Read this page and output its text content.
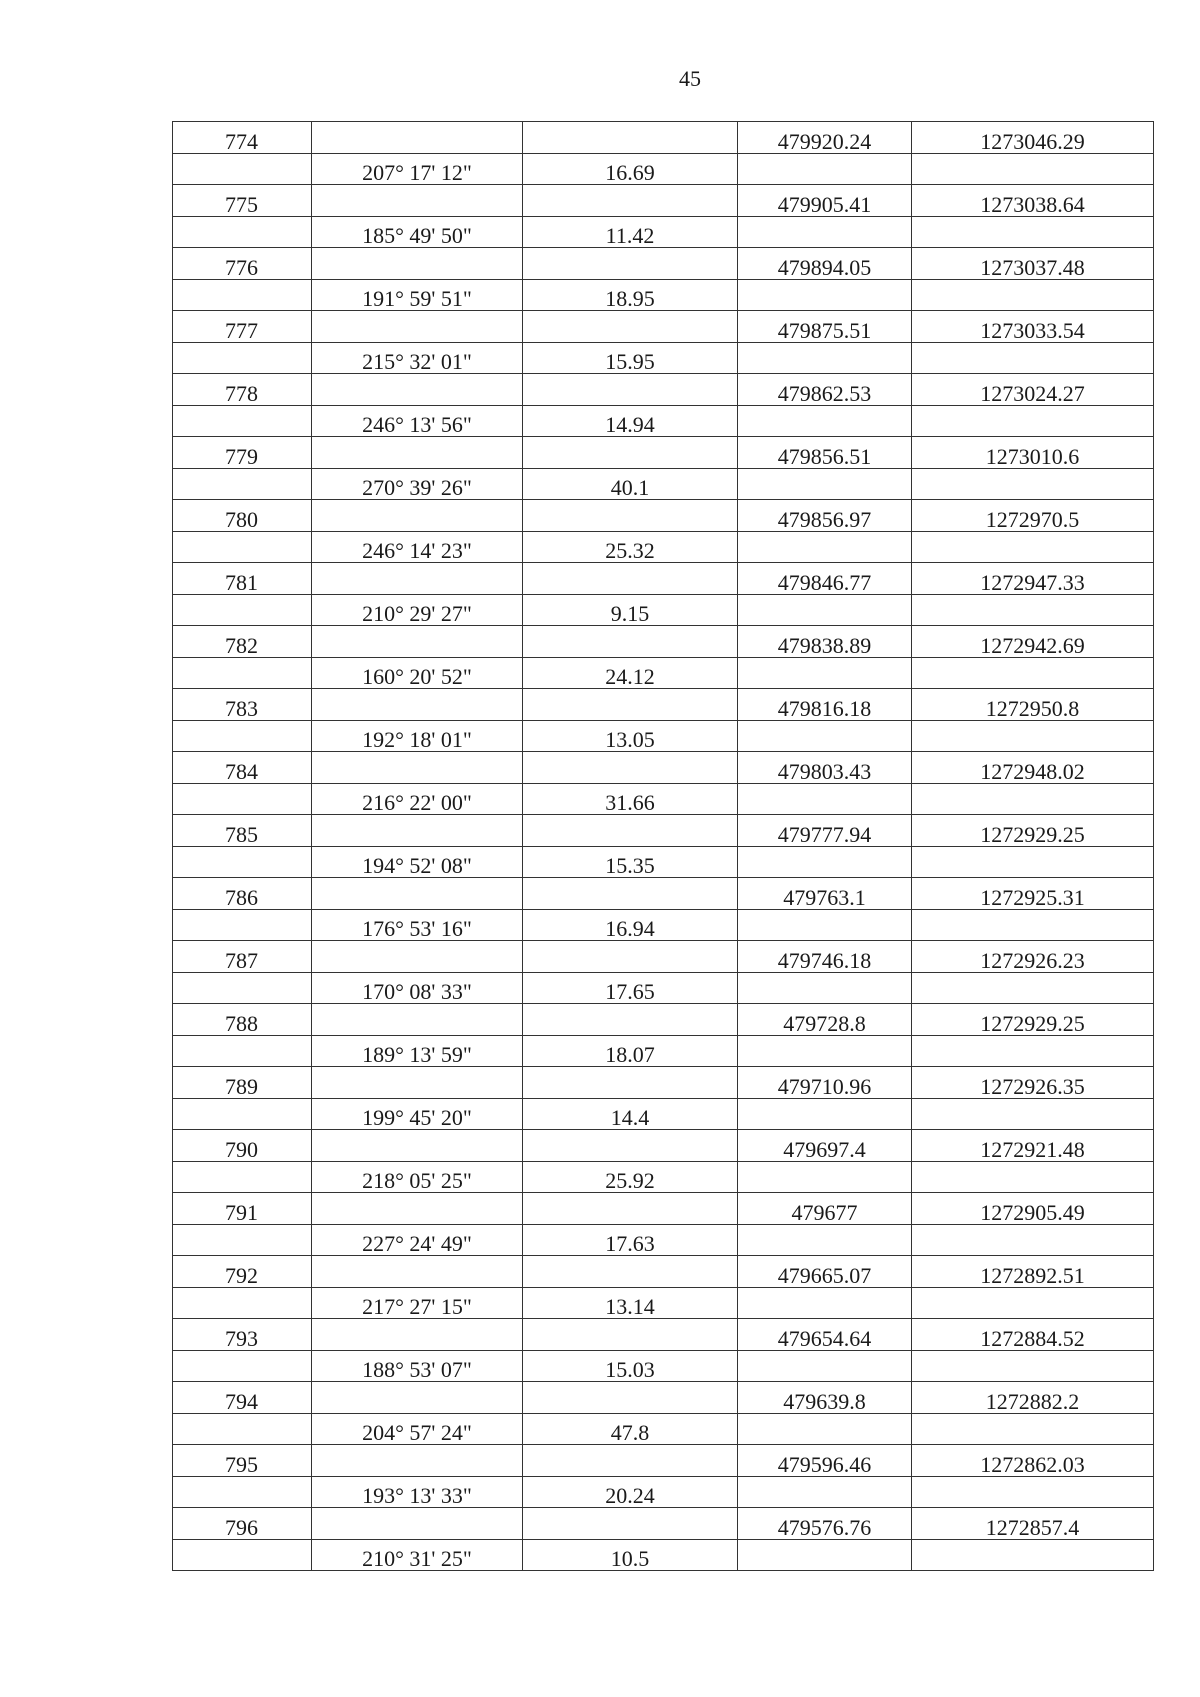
45
774			479920.24	1273046.29
	207° 17' 12"	16.69		
775			479905.41	1273038.64
	185° 49' 50"	11.42		
776			479894.05	1273037.48
	191° 59' 51"	18.95		
777			479875.51	1273033.54
	215° 32' 01"	15.95		
778			479862.53	1273024.27
	246° 13' 56"	14.94		
779			479856.51	1273010.6
	270° 39' 26"	40.1		
780			479856.97	1272970.5
	246° 14' 23"	25.32		
781			479846.77	1272947.33
	210° 29' 27"	9.15		
782			479838.89	1272942.69
	160° 20' 52"	24.12		
783			479816.18	1272950.8
	192° 18' 01"	13.05		
784			479803.43	1272948.02
	216° 22' 00"	31.66		
785			479777.94	1272929.25
	194° 52' 08"	15.35		
786			479763.1	1272925.31
	176° 53' 16"	16.94		
787			479746.18	1272926.23
	170° 08' 33"	17.65		
788			479728.8	1272929.25
	189° 13' 59"	18.07		
789			479710.96	1272926.35
	199° 45' 20"	14.4		
790			479697.4	1272921.48
	218° 05' 25"	25.92		
791			479677	1272905.49
	227° 24' 49"	17.63		
792			479665.07	1272892.51
	217° 27' 15"	13.14		
793			479654.64	1272884.52
	188° 53' 07"	15.03		
794			479639.8	1272882.2
	204° 57' 24"	47.8		
795			479596.46	1272862.03
	193° 13' 33"	20.24		
796			479576.76	1272857.4
	210° 31' 25"	10.5		
